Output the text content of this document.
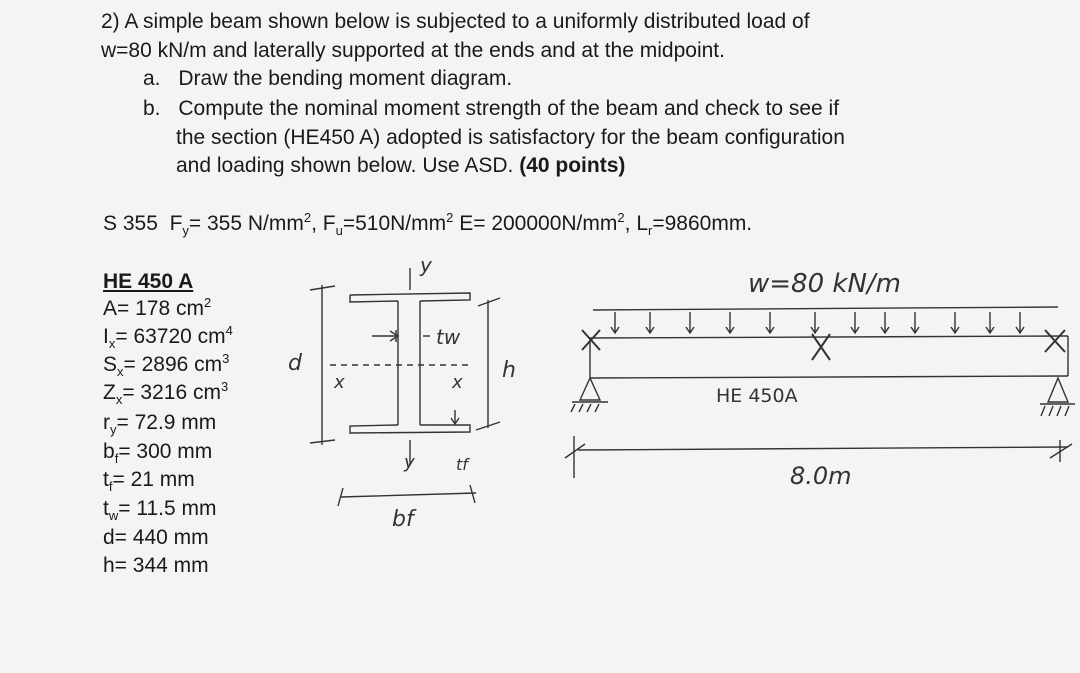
2) A simple beam shown below is subjected to a uniformly distributed load of
w=80 kN/m and laterally supported at the ends and at the midpoint.
a. Draw the bending moment diagram.
b. Compute the nominal moment strength of the beam and check to see if
the section (HE450 A) adopted is satisfactory for the beam configuration
and loading shown below. Use ASD. (40 points)
S 355 $F_y= 355$ $N/mm^2$, $F_u=510N/mm^2$ $E= 200000N/mm^2$, $L_r=9860mm$.
HE 450 A
A= 178 $cm^2$
$I_x= 63720$ $cm^4$
$S_x= 2896$ $cm^3$
$Z_x= 3216$ $cm^3$
$r_y= 72.9$ mm
$b_f= 300$ mm
$t_f= 21$ mm
$t_w= 11.5$ mm
d= 440 mm
h= 344 mm
y
x	x
d	h
tw
tf
y
bf
w=80 kN/m
HE 450A
8.0m
